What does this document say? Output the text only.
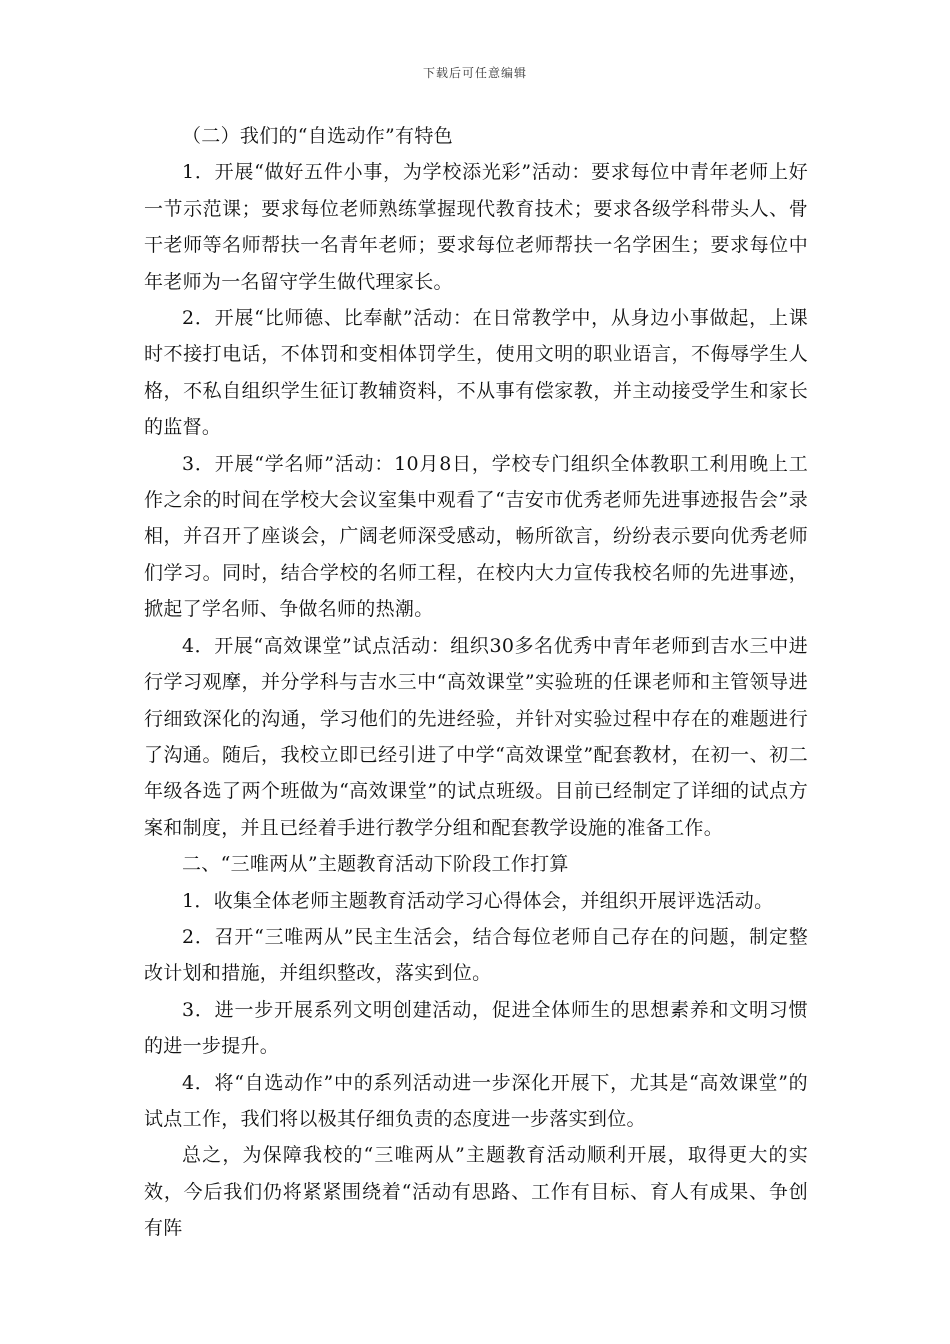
下载后可任意编辑

（二）我们的“自选动作”有特色

1．开展“做好五件小事，为学校添光彩”活动：要求每位中青年老师上好一节示范课；要求每位老师熟练掌握现代教育技术；要求各级学科带头人、骨干老师等名师帮扶一名青年老师；要求每位老师帮扶一名学困生；要求每位中年老师为一名留守学生做代理家长。

2．开展“比师德、比奉献”活动：在日常教学中，从身边小事做起，上课时不接打电话，不体罚和变相体罚学生，使用文明的职业语言，不侮辱学生人格，不私自组织学生征订教辅资料，不从事有偿家教，并主动接受学生和家长的监督。

3．开展“学名师”活动：10月8日，学校专门组织全体教职工利用晚上工作之余的时间在学校大会议室集中观看了“吉安市优秀老师先进事迹报告会”录相，并召开了座谈会，广阔老师深受感动，畅所欲言，纷纷表示要向优秀老师们学习。同时，结合学校的名师工程，在校内大力宣传我校名师的先进事迹，掀起了学名师、争做名师的热潮。

4．开展“高效课堂”试点活动：组织30多名优秀中青年老师到吉水三中进行学习观摩，并分学科与吉水三中“高效课堂”实验班的任课老师和主管领导进行细致深化的沟通，学习他们的先进经验，并针对实验过程中存在的难题进行了沟通。随后，我校立即已经引进了中学“高效课堂”配套教材，在初一、初二年级各选了两个班做为“高效课堂”的试点班级。目前已经制定了详细的试点方案和制度，并且已经着手进行教学分组和配套教学设施的准备工作。

二、“三唯两从”主题教育活动下阶段工作打算

1．收集全体老师主题教育活动学习心得体会，并组织开展评选活动。

2．召开“三唯两从”民主生活会，结合每位老师自己存在的问题，制定整改计划和措施，并组织整改，落实到位。

3．进一步开展系列文明创建活动，促进全体师生的思想素养和文明习惯的进一步提升。

4．将“自选动作”中的系列活动进一步深化开展下，尤其是“高效课堂”的试点工作，我们将以极其仔细负责的态度进一步落实到位。

总之，为保障我校的“三唯两从”主题教育活动顺利开展，取得更大的实效，今后我们仍将紧紧围绕着“活动有思路、工作有目标、育人有成果、争创有阵
